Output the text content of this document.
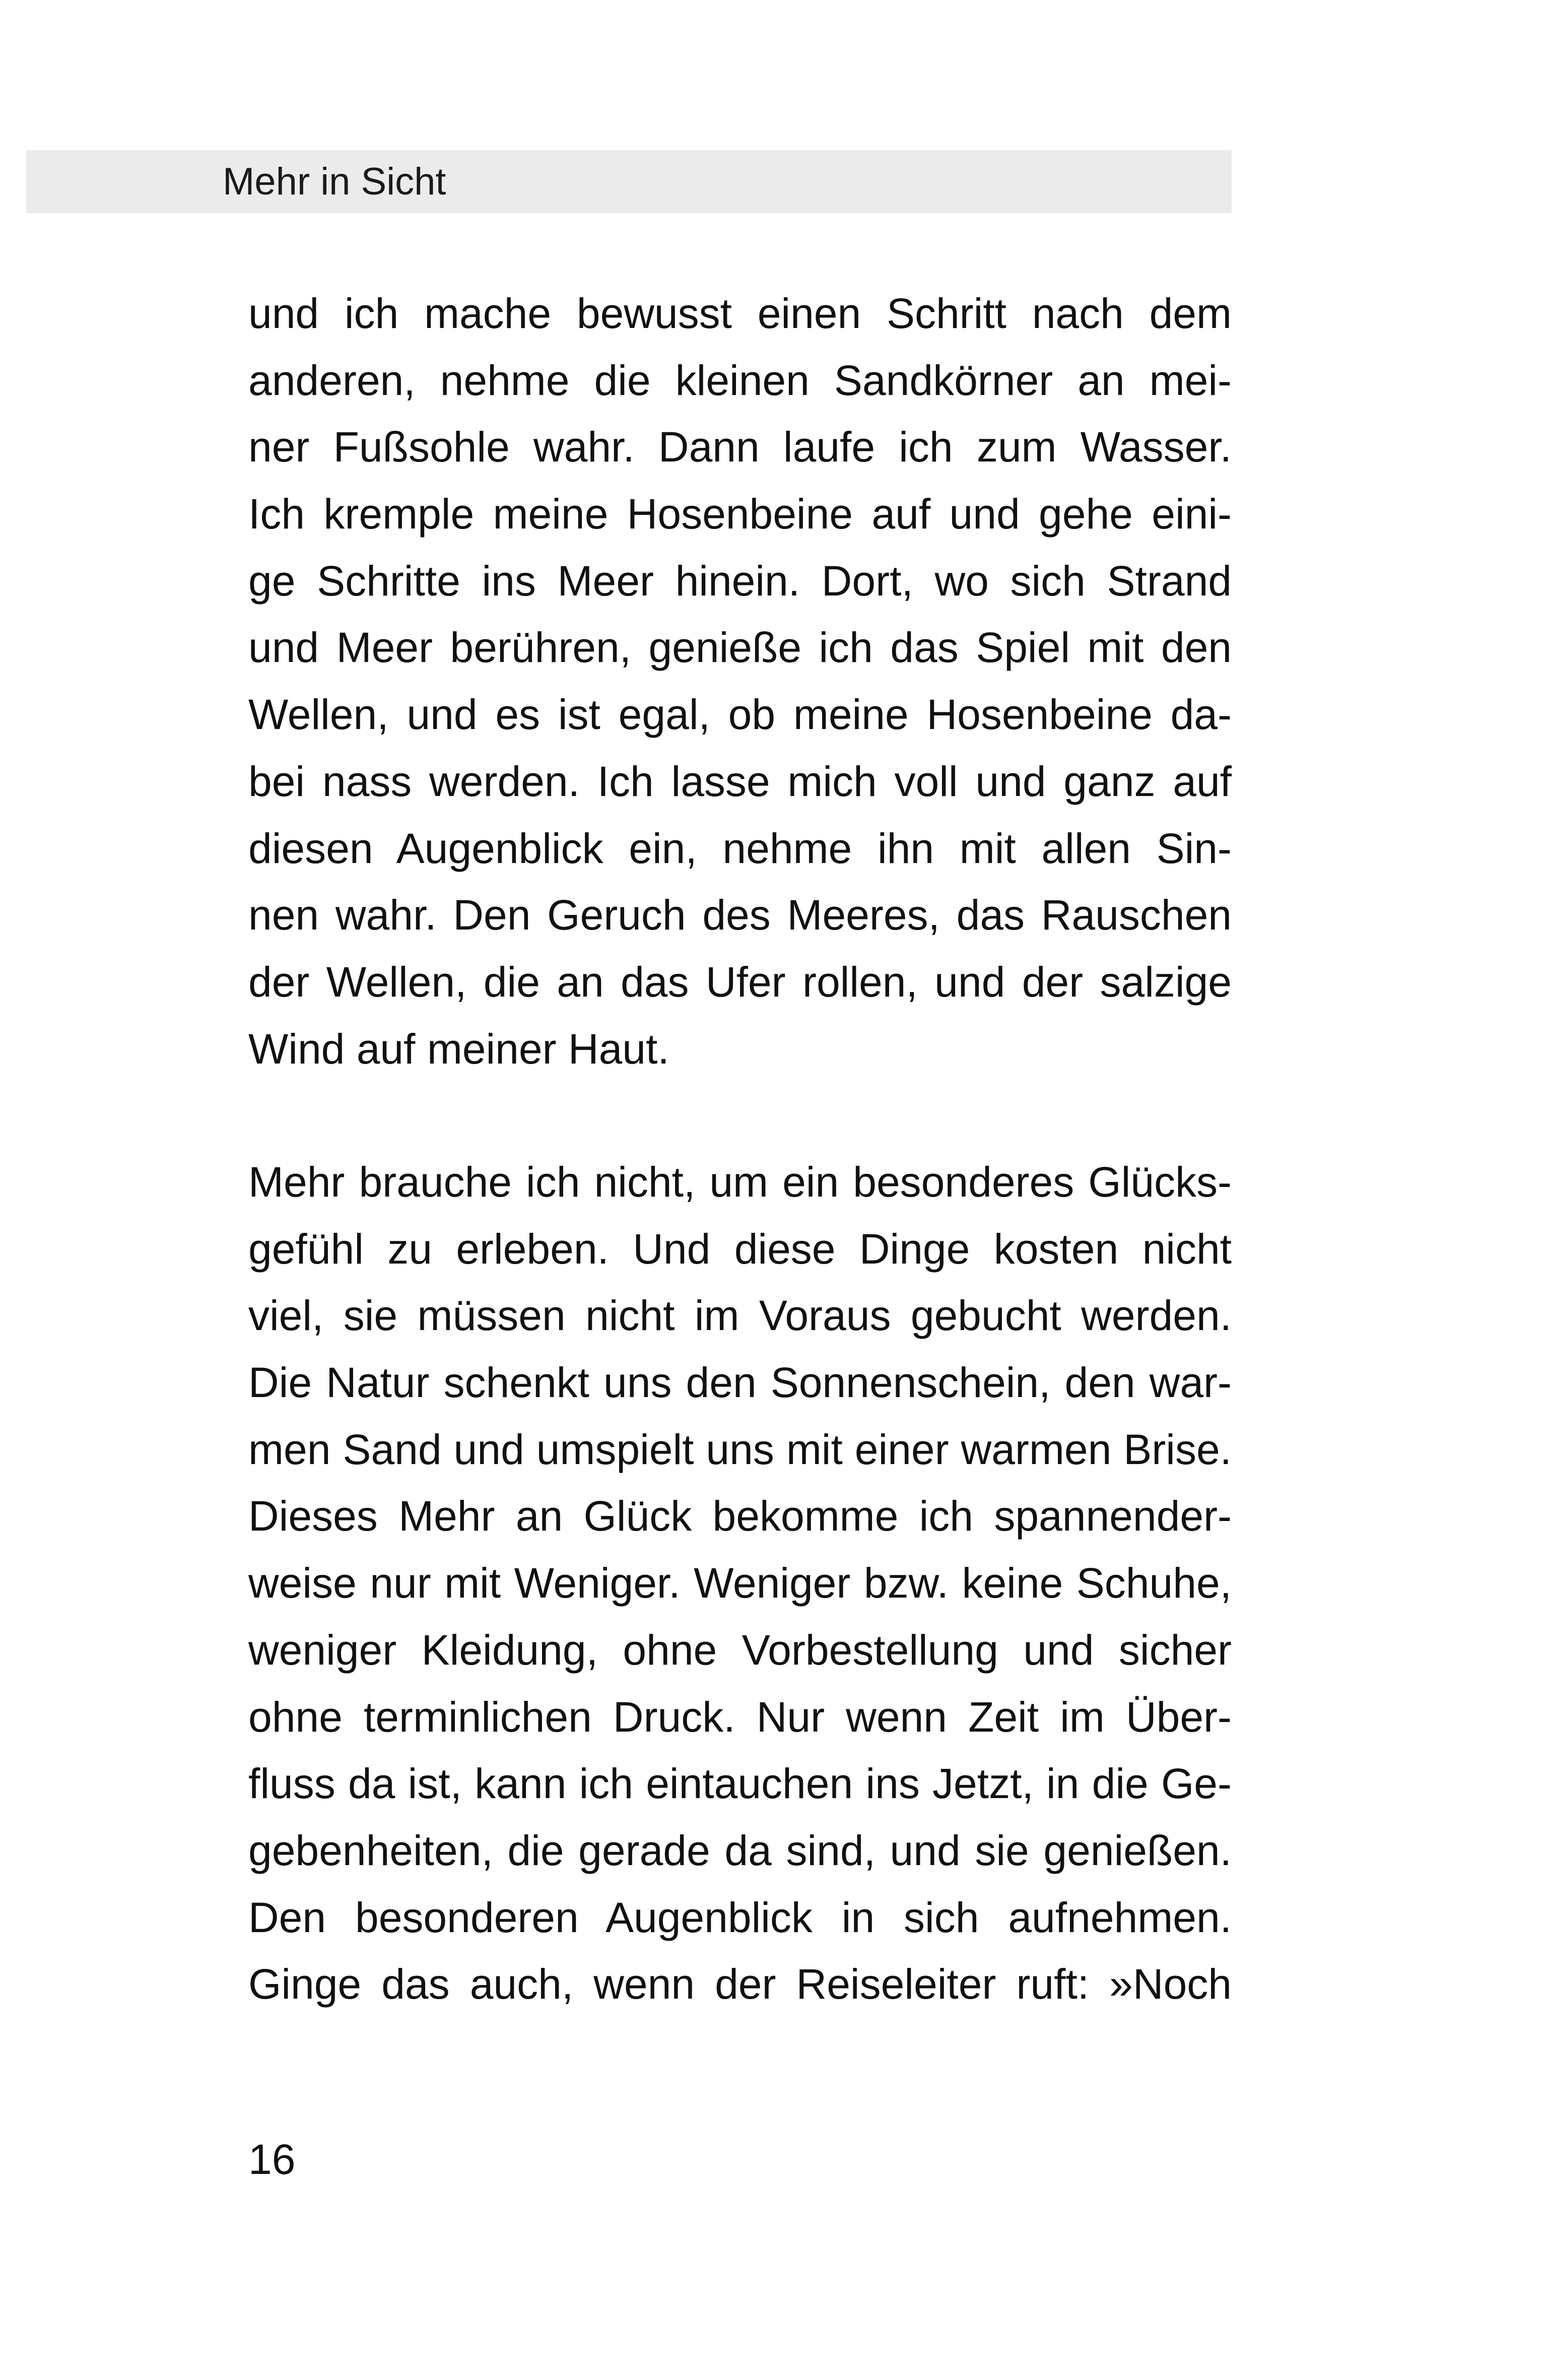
Mehr in Sicht
und ich mache bewusst einen Schritt nach dem
anderen, nehme die kleinen Sandkörner an mei-
ner Fußsohle wahr. Dann laufe ich zum Wasser.
Ich kremple meine Hosenbeine auf und gehe eini-
ge Schritte ins Meer hinein. Dort, wo sich Strand
und Meer berühren, genieße ich das Spiel mit den
Wellen, und es ist egal, ob meine Hosenbeine da-
bei nass werden. Ich lasse mich voll und ganz auf
diesen Augenblick ein, nehme ihn mit allen Sin-
nen wahr. Den Geruch des Meeres, das Rauschen
der Wellen, die an das Ufer rollen, und der salzige
Wind auf meiner Haut.
Mehr brauche ich nicht, um ein besonderes Glücks-
gefühl zu erleben. Und diese Dinge kosten nicht
viel, sie müssen nicht im Voraus gebucht werden.
Die Natur schenkt uns den Sonnenschein, den war-
men Sand und umspielt uns mit einer warmen Brise.
Dieses Mehr an Glück bekomme ich spannender-
weise nur mit Weniger. Weniger bzw. keine Schuhe,
weniger Kleidung, ohne Vorbestellung und sicher
ohne terminlichen Druck. Nur wenn Zeit im Über-
fluss da ist, kann ich eintauchen ins Jetzt, in die Ge-
gebenheiten, die gerade da sind, und sie genießen.
Den besonderen Augenblick in sich aufnehmen.
Ginge das auch, wenn der Reiseleiter ruft: »Noch
16
